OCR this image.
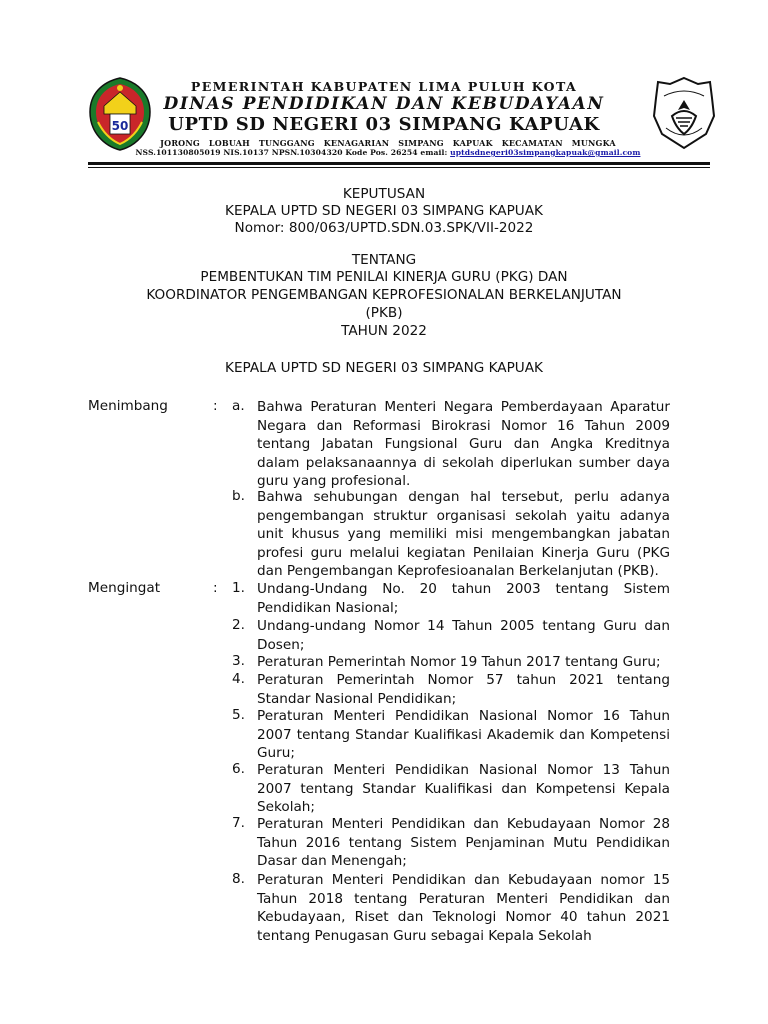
50
PEMERINTAH KABUPATEN LIMA PULUH KOTA
DINAS PENDIDIKAN DAN KEBUDAYAAN
UPTD SD NEGERI 03 SIMPANG KAPUAK
JORONG LOBUAH TUNGGANG KENAGARIAN SIMPANG KAPUAK KECAMATAN MUNGKA
NSS.101130805019 NIS.10137 NPSN.10304320 Kode Pos. 26254 email: uptdsdnegeri03simpangkapuak@gmail.com
KEPUTUSAN
KEPALA UPTD SD NEGERI 03 SIMPANG KAPUAK
Nomor: 800/063/UPTD.SDN.03.SPK/VII-2022
TENTANG
PEMBENTUKAN TIM PENILAI KINERJA GURU (PKG) DAN
KOORDINATOR PENGEMBANGAN KEPROFESIONALAN BERKELANJUTAN
(PKB)
TAHUN 2022
KEPALA UPTD SD NEGERI 03 SIMPANG KAPUAK
Menimbang	: a. Bahwa Peraturan Menteri Negara Pemberdayaan Aparatur Negara dan Reformasi Birokrasi Nomor 16 Tahun 2009 tentang Jabatan Fungsional Guru dan Angka Kreditnya dalam pelaksanaannya di sekolah diperlukan sumber daya guru yang profesional.
b. Bahwa sehubungan dengan hal tersebut, perlu adanya pengembangan struktur organisasi sekolah yaitu adanya unit khusus yang memiliki misi mengembangkan jabatan profesi guru melalui kegiatan Penilaian Kinerja Guru (PKG dan Pengembangan Keprofesioanalan Berkelanjutan (PKB).
Mengingat	: 1. Undang-Undang No. 20 tahun 2003 tentang Sistem Pendidikan Nasional;
2. Undang-undang Nomor 14 Tahun 2005 tentang Guru dan Dosen;
3. Peraturan Pemerintah Nomor 19 Tahun 2017 tentang Guru;
4. Peraturan Pemerintah Nomor 57 tahun 2021 tentang Standar Nasional Pendidikan;
5. Peraturan Menteri Pendidikan Nasional Nomor 16 Tahun 2007 tentang Standar Kualifikasi Akademik dan Kompetensi Guru;
6. Peraturan Menteri Pendidikan Nasional Nomor 13 Tahun 2007 tentang Standar Kualifikasi dan Kompetensi Kepala Sekolah;
7. Peraturan Menteri Pendidikan dan Kebudayaan Nomor 28 Tahun 2016 tentang Sistem Penjaminan Mutu Pendidikan Dasar dan Menengah;
8. Peraturan Menteri Pendidikan dan Kebudayaan nomor 15 Tahun 2018 tentang Peraturan Menteri Pendidikan dan Kebudayaan, Riset dan Teknologi Nomor 40 tahun 2021 tentang Penugasan Guru sebagai Kepala Sekolah
